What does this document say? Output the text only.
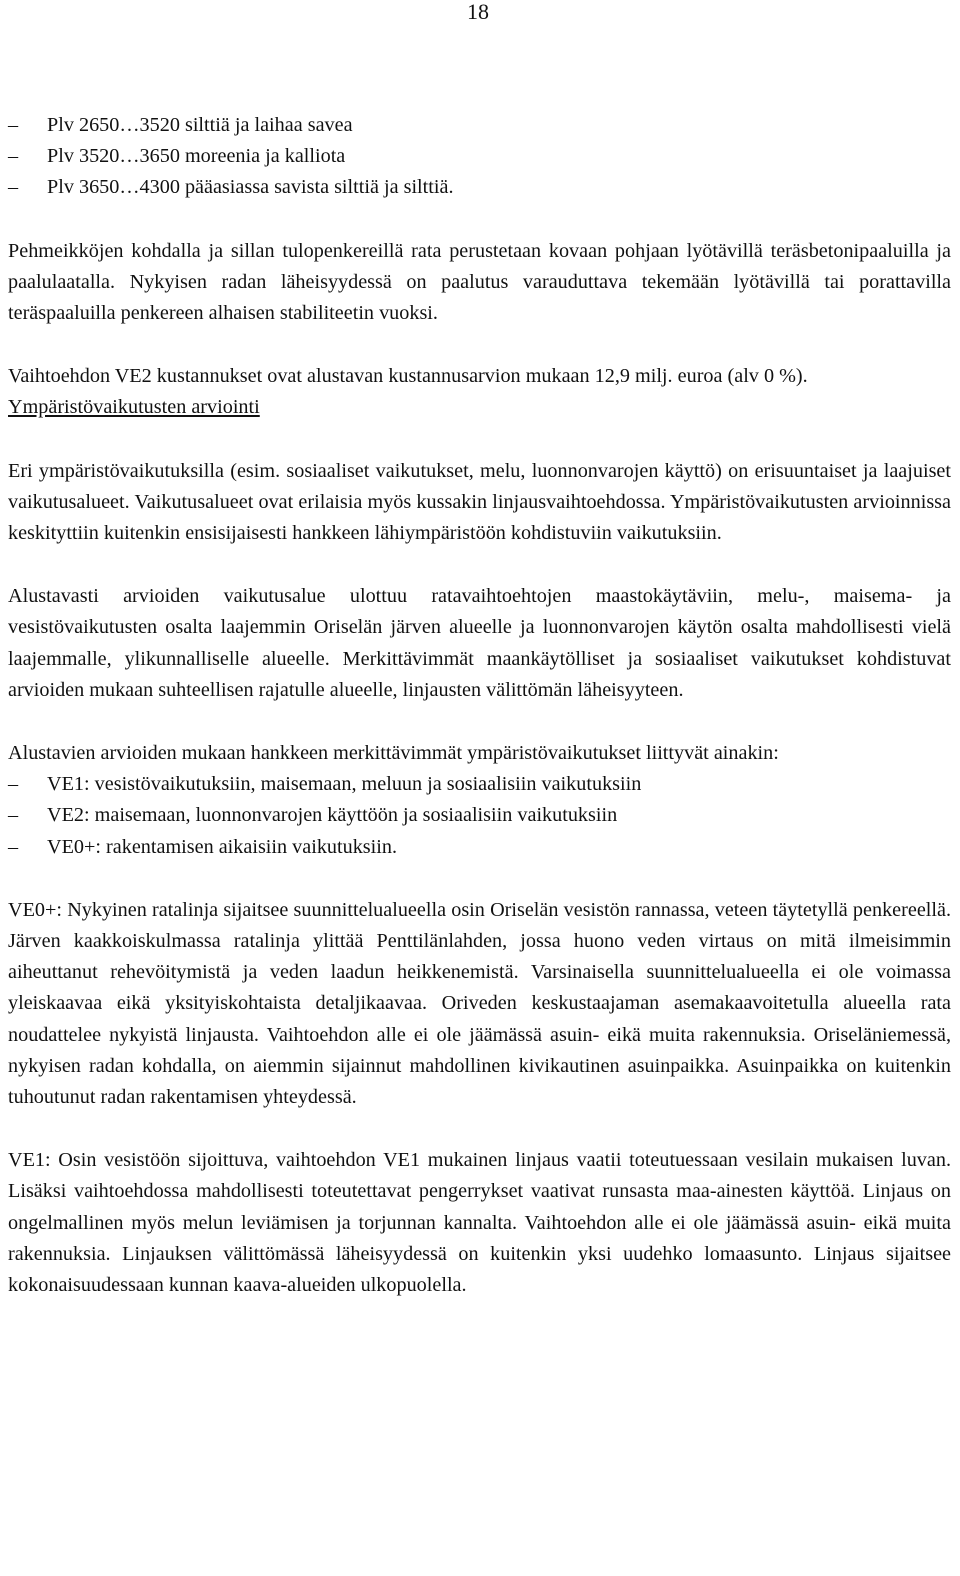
18
– Plv 2650…3520 silttiä ja laihaa savea
– Plv 3520…3650 moreenia ja kalliota
– Plv 3650…4300 pääasiassa savista silttiä ja silttiä.

Pehmeikköjen kohdalla ja sillan tulopenkereillä rata perustetaan kovaan pohjaan lyötävillä teräsbetonipaaluilla ja paalulaatalla. Nykyisen radan läheisyydessä on paalutus varauduttava tekemään lyötävillä tai porattavilla teräspaaluilla penkereen alhaisen stabiliteetin vuoksi.

Vaihtoehdon VE2 kustannukset ovat alustavan kustannusarvion mukaan 12,9 milj. euroa (alv 0 %).

Ympäristövaikutusten arviointi

Eri ympäristövaikutuksilla (esim. sosiaaliset vaikutukset, melu, luonnonvarojen käyttö) on erisuuntaiset ja laajuiset vaikutusalueet. Vaikutusalueet ovat erilaisia myös kussakin linjausvaihtoehdossa. Ympäristövaikutusten arvioinnissa keskityttiin kuitenkin ensisijaisesti hankkeen lähiympäristöön kohdistuviin vaikutuksiin.

Alustavasti arvioiden vaikutusalue ulottuu ratavaihtoehtojen maastokäytäviin, melu-, maisema- ja vesistövaikutusten osalta laajemmin Oriselän järven alueelle ja luonnonvarojen käytön osalta mahdollisesti vielä laajemmalle, ylikunnalliselle alueelle. Merkittävimmät maankäytölliset ja sosiaaliset vaikutukset kohdistuvat arvioiden mukaan suhteellisen rajatulle alueelle, linjausten välittömän läheisyyteen.

Alustavien arvioiden mukaan hankkeen merkittävimmät ympäristövaikutukset liittyvät ainakin:

– VE1: vesistövaikutuksiin, maisemaan, meluun ja sosiaalisiin vaikutuksiin
– VE2: maisemaan, luonnonvarojen käyttöön ja sosiaalisiin vaikutuksiin
– VE0+: rakentamisen aikaisiin vaikutuksiin.

VE0+: Nykyinen ratalinja sijaitsee suunnittelualueella osin Oriselän vesistön rannassa, veteen täytetyllä penkereellä. Järven kaakkoiskulmassa ratalinja ylittää Penttilänlahden, jossa huono veden virtaus on mitä ilmeisimmin aiheuttanut rehevöitymistä ja veden laadun heikkenemistä. Varsinaisella suunnittelualueella ei ole voimassa yleiskaavaa eikä yksityiskohtaista detaljikaavaa. Oriveden keskustaajaman asemakaavoitetulla alueella rata noudattelee nykyistä linjausta. Vaihtoehdon alle ei ole jäämässä asuin- eikä muita rakennuksia. Oriseläniemessä, nykyisen radan kohdalla, on aiemmin sijainnut mahdollinen kivikautinen asuinpaikka. Asuinpaikka on kuitenkin tuhoutunut radan rakentamisen yhteydessä.

VE1: Osin vesistöön sijoittuva, vaihtoehdon VE1 mukainen linjaus vaatii toteutuessaan vesilain mukaisen luvan. Lisäksi vaihtoehdossa mahdollisesti toteutettavat pengerrykset vaativat runsasta maa-ainesten käyttöä. Linjaus on ongelmallinen myös melun leviämisen ja torjunnan kannalta. Vaihtoehdon alle ei ole jäämässä asuin- eikä muita rakennuksia. Linjauksen välittömässä läheisyydessä on kuitenkin yksi uudehko lomaasunto. Linjaus sijaitsee kokonaisuudessaan kunnan kaava-alueiden ulkopuolella.
